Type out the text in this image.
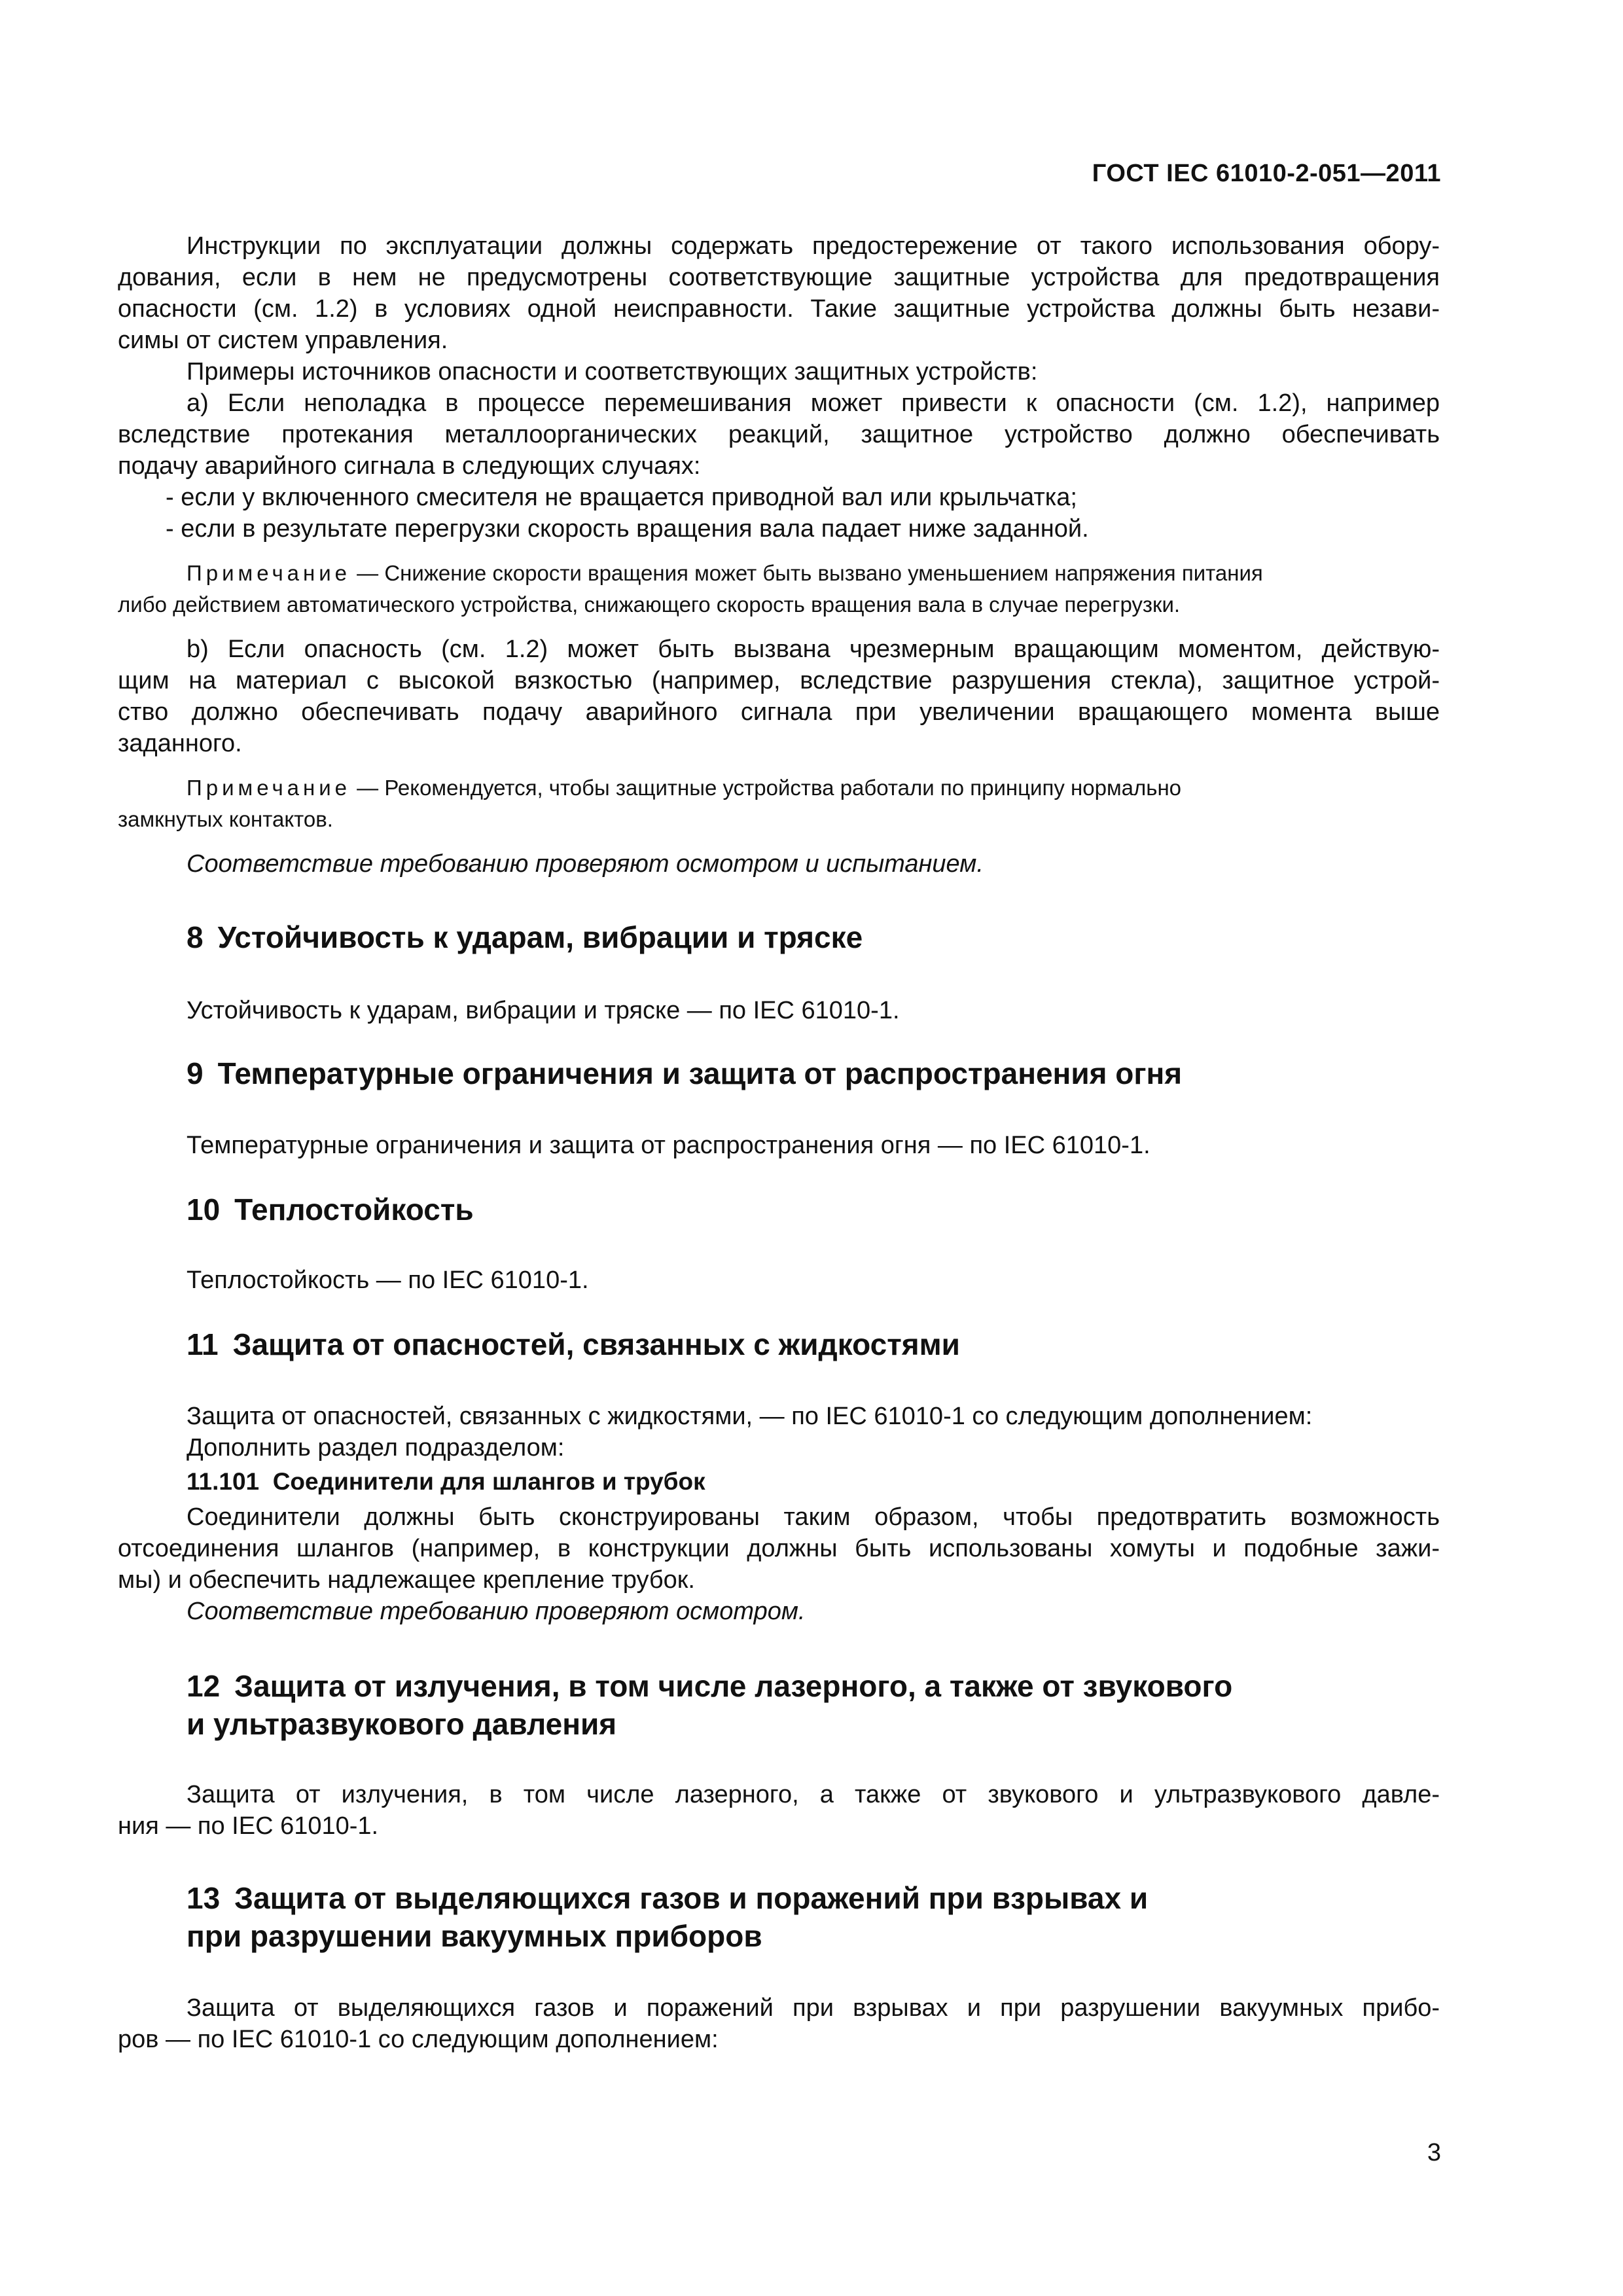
ГОСТ IEC 61010-2-051—2011
Инструкции по эксплуатации должны содержать предостережение от такого использования обору-
дования, если в нем не предусмотрены соответствующие защитные устройства для предотвращения
опасности (см. 1.2) в условиях одной неисправности. Такие защитные устройства должны быть незави-
симы от систем управления.
Примеры источников опасности и соответствующих защитных устройств:
а) Если неполадка в процессе перемешивания может привести к опасности (см. 1.2), например
вследствие протекания металлоорганических реакций, защитное устройство должно обеспечивать
подачу аварийного сигнала в следующих случаях:
- если у включенного смесителя не вращается приводной вал или крыльчатка;
- если в результате перегрузки скорость вращения вала падает ниже заданной.
Примечание — Снижение скорости вращения может быть вызвано уменьшением напряжения питания
либо действием автоматического устройства, снижающего скорость вращения вала в случае перегрузки.
b) Если опасность (см. 1.2) может быть вызвана чрезмерным вращающим моментом, действую-
щим на материал с высокой вязкостью (например, вследствие разрушения стекла), защитное устрой-
ство должно обеспечивать подачу аварийного сигнала при увеличении вращающего момента выше
заданного.
Примечание — Рекомендуется, чтобы защитные устройства работали по принципу нормально
замкнутых контактов.
Соответствие требованию проверяют осмотром и испытанием.
8 Устойчивость к ударам, вибрации и тряске
Устойчивость к ударам, вибрации и тряске — по IEC 61010-1.
9 Температурные ограничения и защита от распространения огня
Температурные ограничения и защита от распространения огня — по IEC 61010-1.
10 Теплостойкость
Теплостойкость — по IEC 61010-1.
11 Защита от опасностей, связанных с жидкостями
Защита от опасностей, связанных с жидкостями, — по IEC 61010-1 со следующим дополнением:
Дополнить раздел подразделом:
11.101 Соединители для шлангов и трубок
Соединители должны быть сконструированы таким образом, чтобы предотвратить возможность
отсоединения шлангов (например, в конструкции должны быть использованы хомуты и подобные зажи-
мы) и обеспечить надлежащее крепление трубок.
Соответствие требованию проверяют осмотром.
12 Защита от излучения, в том числе лазерного, а также от звукового
и ультразвукового давления
Защита от излучения, в том числе лазерного, а также от звукового и ультразвукового давле-
ния — по IEC 61010-1.
13 Защита от выделяющихся газов и поражений при взрывах и
при разрушении вакуумных приборов
Защита от выделяющихся газов и поражений при взрывах и при разрушении вакуумных прибо-
ров — по IEC 61010-1 со следующим дополнением:
3
